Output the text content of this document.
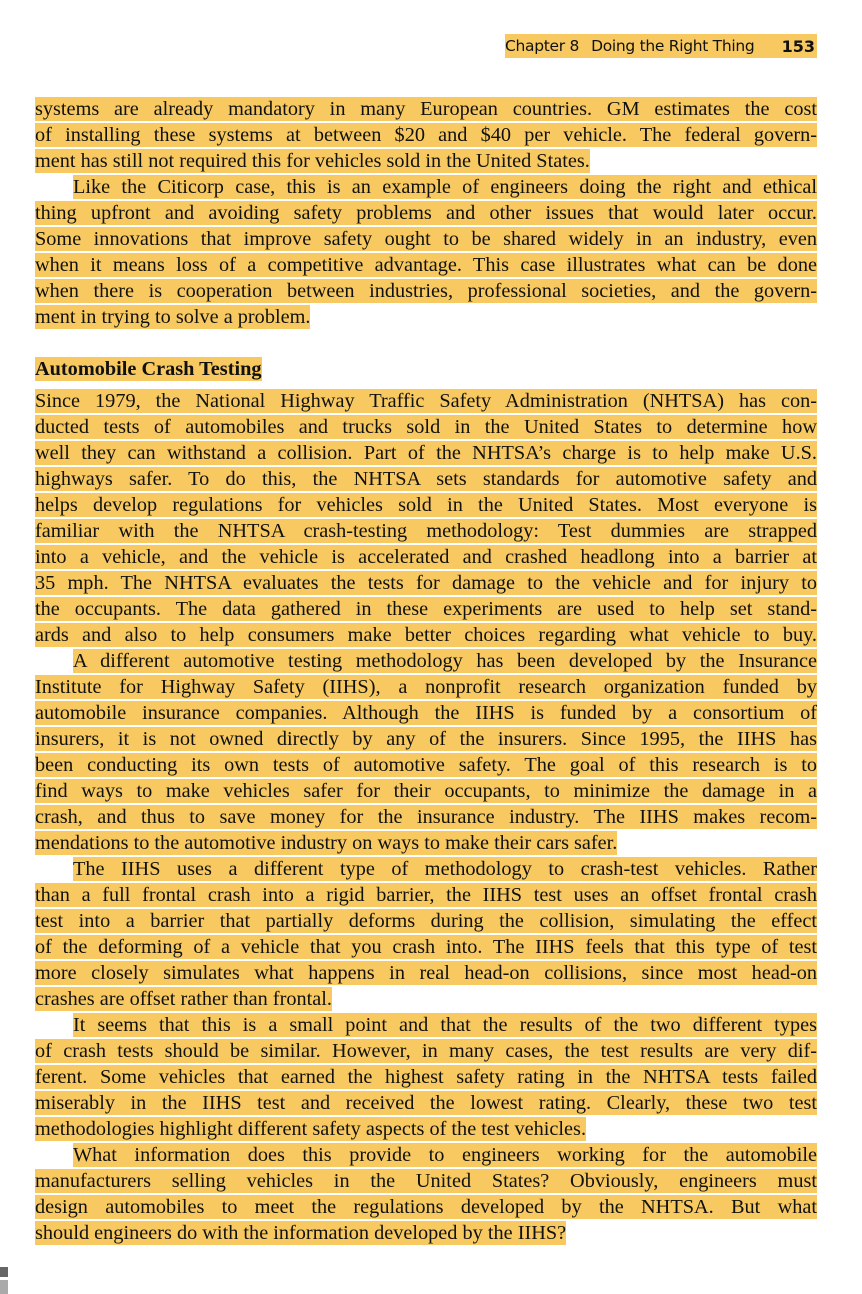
Chapter 8 Doing the Right Thing 153
systems are already mandatory in many European countries. GM estimates the cost
of installing these systems at between $20 and $40 per vehicle. The federal govern-
ment has still not required this for vehicles sold in the United States.
Like the Citicorp case, this is an example of engineers doing the right and ethical
thing upfront and avoiding safety problems and other issues that would later occur.
Some innovations that improve safety ought to be shared widely in an industry, even
when it means loss of a competitive advantage. This case illustrates what can be done
when there is cooperation between industries, professional societies, and the govern-
ment in trying to solve a problem.
Automobile Crash Testing
Since 1979, the National Highway Traffic Safety Administration (NHTSA) has con-
ducted tests of automobiles and trucks sold in the United States to determine how
well they can withstand a collision. Part of the NHTSA’s charge is to help make U.S.
highways safer. To do this, the NHTSA sets standards for automotive safety and
helps develop regulations for vehicles sold in the United States. Most everyone is
familiar with the NHTSA crash-testing methodology: Test dummies are strapped
into a vehicle, and the vehicle is accelerated and crashed headlong into a barrier at
35 mph. The NHTSA evaluates the tests for damage to the vehicle and for injury to
the occupants. The data gathered in these experiments are used to help set stand-
ards and also to help consumers make better choices regarding what vehicle to buy.
A different automotive testing methodology has been developed by the Insurance
Institute for Highway Safety (IIHS), a nonprofit research organization funded by
automobile insurance companies. Although the IIHS is funded by a consortium of
insurers, it is not owned directly by any of the insurers. Since 1995, the IIHS has
been conducting its own tests of automotive safety. The goal of this research is to
find ways to make vehicles safer for their occupants, to minimize the damage in a
crash, and thus to save money for the insurance industry. The IIHS makes recom-
mendations to the automotive industry on ways to make their cars safer.
The IIHS uses a different type of methodology to crash-test vehicles. Rather
than a full frontal crash into a rigid barrier, the IIHS test uses an offset frontal crash
test into a barrier that partially deforms during the collision, simulating the effect
of the deforming of a vehicle that you crash into. The IIHS feels that this type of test
more closely simulates what happens in real head-on collisions, since most head-on
crashes are offset rather than frontal.
It seems that this is a small point and that the results of the two different types
of crash tests should be similar. However, in many cases, the test results are very dif-
ferent. Some vehicles that earned the highest safety rating in the NHTSA tests failed
miserably in the IIHS test and received the lowest rating. Clearly, these two test
methodologies highlight different safety aspects of the test vehicles.
What information does this provide to engineers working for the automobile
manufacturers selling vehicles in the United States? Obviously, engineers must
design automobiles to meet the regulations developed by the NHTSA. But what
should engineers do with the information developed by the IIHS?
